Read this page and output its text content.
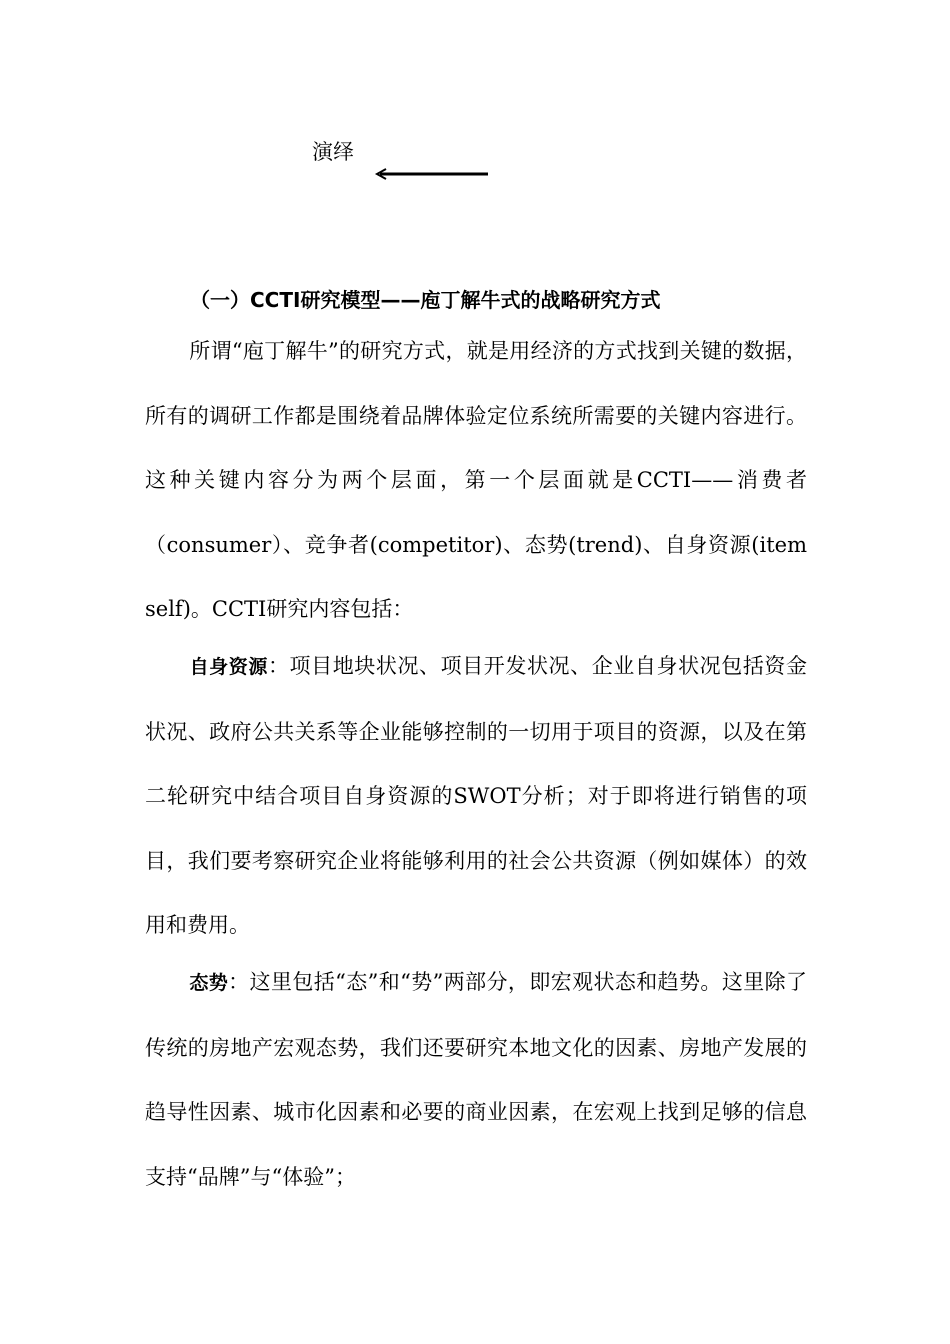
演绎
（一）CCTI研究模型——庖丁解牛式的战略研究方式

所谓“庖丁解牛”的研究方式，就是用经济的方式找到关键的数据，所有的调研工作都是围绕着品牌体验定位系统所需要的关键内容进行。这种关键内容分为两个层面，第一个层面就是CCTI——消费者（consumer）、竞争者(competitor)、态势(trend)、自身资源(item self)。CCTI研究内容包括：

自身资源：项目地块状况、项目开发状况、企业自身状况包括资金状况、政府公共关系等企业能够控制的一切用于项目的资源，以及在第二轮研究中结合项目自身资源的SWOT分析；对于即将进行销售的项目，我们要考察研究企业将能够利用的社会公共资源（例如媒体）的效用和费用。

态势：这里包括“态”和“势”两部分，即宏观状态和趋势。这里除了传统的房地产宏观态势，我们还要研究本地文化的因素、房地产发展的趋导性因素、城市化因素和必要的商业因素，在宏观上找到足够的信息支持“品牌”与“体验”；
